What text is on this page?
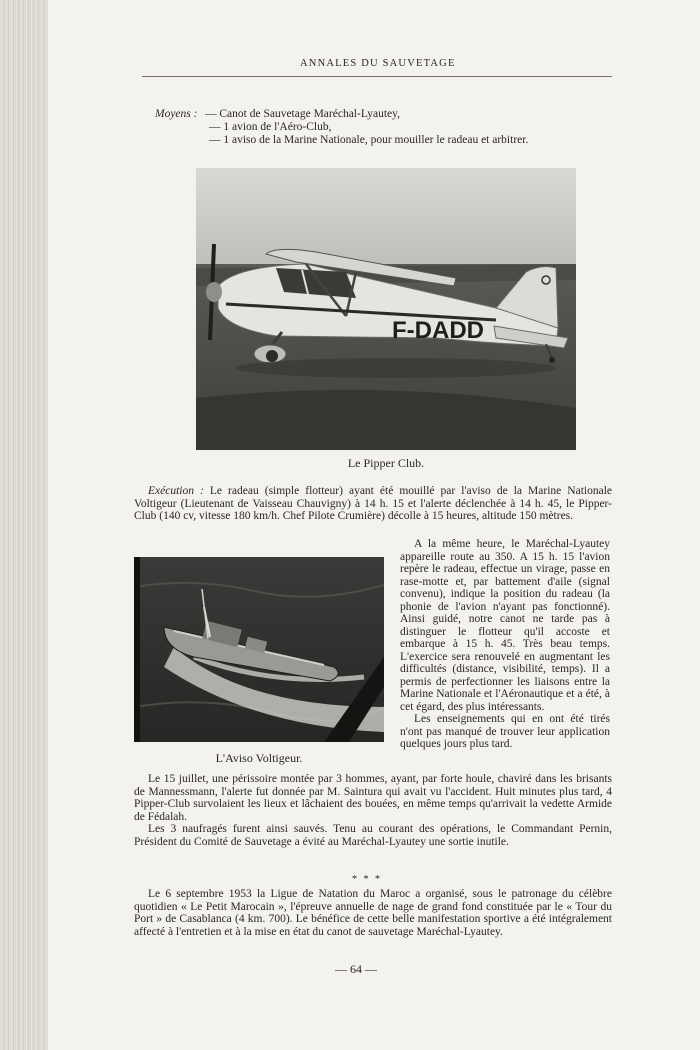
ANNALES DU SAUVETAGE
Moyens : — Canot de Sauvetage Maréchal-Lyautey,
— 1 avion de l'Aéro-Club,
— 1 aviso de la Marine Nationale, pour mouiller le radeau et arbitrer.
F-DADD
Le Pipper Club.
Exécution : Le radeau (simple flotteur) ayant été mouillé par l'aviso de la Marine Nationale Voltigeur (Lieutenant de Vaisseau Chauvigny) à 14 h. 15 et l'alerte déclenchée à 14 h. 45, le Pipper-Club (140 cv, vitesse 180 km/h. Chef Pilote Crumière) décolle à 15 heures, altitude 150 mètres.
L'Aviso Voltigeur.
A la même heure, le Maréchal-Lyautey appareille route au 350. A 15 h. 15 l'avion repère le radeau, effectue un virage, passe en rase-motte et, par battement d'aile (signal convenu), indique la position du radeau (la phonie de l'avion n'ayant pas fonctionné). Ainsi guidé, notre canot ne tarde pas à distinguer le flotteur qu'il accoste et embarque à 15 h. 45. Très beau temps. L'exercice sera renouvelé en augmentant les difficultés (distance, visibilité, temps). Il a permis de perfectionner les liaisons entre la Marine Nationale et l'Aéronautique et a été, à cet égard, des plus intéressants.
Les enseignements qui en ont été tirés n'ont pas manqué de trouver leur application quelques jours plus tard.
Le 15 juillet, une périssoire montée par 3 hommes, ayant, par forte houle, chaviré dans les brisants de Mannessmann, l'alerte fut donnée par M. Saintura qui avait vu l'accident. Huit minutes plus tard, 4 Pipper-Club survolaient les lieux et lâchaient des bouées, en même temps qu'arrivait la vedette Armide de Fédalah.
Les 3 naufragés furent ainsi sauvés. Tenu au courant des opérations, le Commandant Pernin, Président du Comité de Sauvetage a évité au Maréchal-Lyautey une sortie inutile.
* * *
Le 6 septembre 1953 la Ligue de Natation du Maroc a organisé, sous le patronage du célèbre quotidien « Le Petit Marocain », l'épreuve annuelle de nage de grand fond constituée par le « Tour du Port » de Casablanca (4 km. 700). Le bénéfice de cette belle manifestation sportive a été intégralement affecté à l'entretien et à la mise en état du canot de sauvetage Maréchal-Lyautey.
— 64 —
